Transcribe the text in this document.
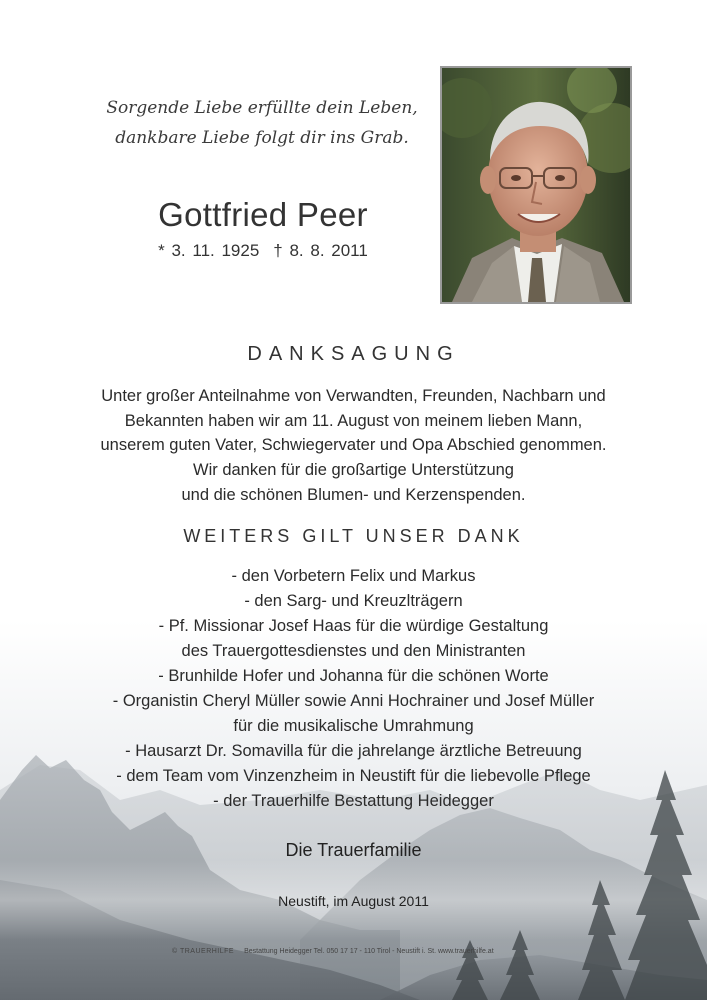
Sorgende Liebe erfüllte dein Leben,
dankbare Liebe folgt dir ins Grab.
Gottfried Peer
* 3. 11. 1925 † 8. 8. 2011
DANKSAGUNG
Unter großer Anteilnahme von Verwandten, Freunden, Nachbarn und
Bekannten haben wir am 11. August von meinem lieben Mann,
unserem guten Vater, Schwiegervater und Opa Abschied genommen.
Wir danken für die großartige Unterstützung
und die schönen Blumen- und Kerzenspenden.
WEITERS GILT UNSER DANK
- den Vorbetern Felix und Markus
- den Sarg- und Kreuzlträgern
- Pf. Missionar Josef Haas für die würdige Gestaltung
des Trauergottesdienstes und den Ministranten
- Brunhilde Hofer und Johanna für die schönen Worte
- Organistin Cheryl Müller sowie Anni Hochrainer und Josef Müller
für die musikalische Umrahmung
- Hausarzt Dr. Somavilla für die jahrelange ärztliche Betreuung
- dem Team vom Vinzenzheim in Neustift für die liebevolle Pflege
- der Trauerhilfe Bestattung Heidegger
Die Trauerfamilie
Neustift, im August 2011
© TRAUERHILFE Bestattung Heidegger Tel. 050 17 17 - 110 Tirol - Neustift i. St. www.trauerhilfe.at
